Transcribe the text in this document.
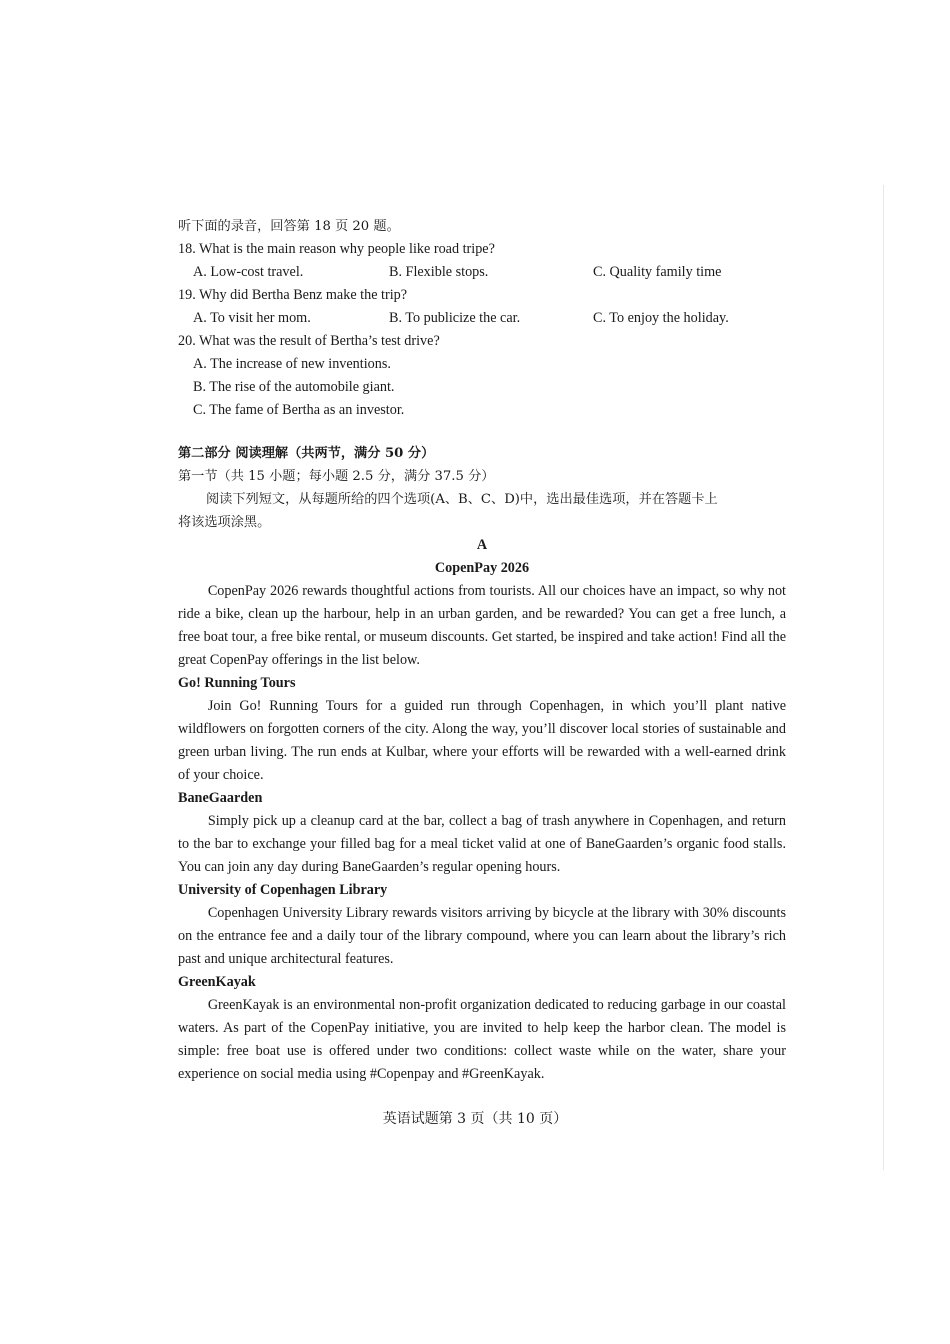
听下面的录音，回答第 18 页 20 题。
18. What is the main reason why people like road tripe?
A. Low-cost travel.	B. Flexible stops.	C. Quality family time
19. Why did Bertha Benz make the trip?
A. To visit her mom.	B. To publicize the car.	C. To enjoy the holiday.
20. What was the result of Bertha’s test drive?
A. The increase of new inventions.
B. The rise of the automobile giant.
C. The fame of Bertha as an investor.
第二部分 阅读理解（共两节，满分 50 分）
第一节（共 15 小题；每小题 2.5 分，满分 37.5 分）
阅读下列短文，从每题所给的四个选项(A、B、C、D)中，选出最佳选项，并在答题卡上
将该选项涂黑。
A
CopenPay 2026

CopenPay 2026 rewards thoughtful actions from tourists. All our choices have an impact, so why not ride a bike, clean up the harbour, help in an urban garden, and be rewarded? You can get a free lunch, a free boat tour, a free bike rental, or museum discounts. Get started, be inspired and take action! Find all the great CopenPay offerings in the list below.

Go! Running Tours

Join Go! Running Tours for a guided run through Copenhagen, in which you’ll plant native wildflowers on forgotten corners of the city. Along the way, you’ll discover local stories of sustainable and green urban living. The run ends at Kulbar, where your efforts will be rewarded with a well-earned drink of your choice.

BaneGaarden

Simply pick up a cleanup card at the bar, collect a bag of trash anywhere in Copenhagen, and return to the bar to exchange your filled bag for a meal ticket valid at one of BaneGaarden’s organic food stalls. You can join any day during BaneGaarden’s regular opening hours.

University of Copenhagen Library

Copenhagen University Library rewards visitors arriving by bicycle at the library with 30% discounts on the entrance fee and a daily tour of the library compound, where you can learn about the library’s rich past and unique architectural features.

GreenKayak

GreenKayak is an environmental non-profit organization dedicated to reducing garbage in our coastal waters. As part of the CopenPay initiative, you are invited to help keep the harbor clean. The model is simple: free boat use is offered under two conditions: collect waste while on the water, share your experience on social media using #Copenpay and #GreenKayak.

英语试题第 3 页（共 10 页）
